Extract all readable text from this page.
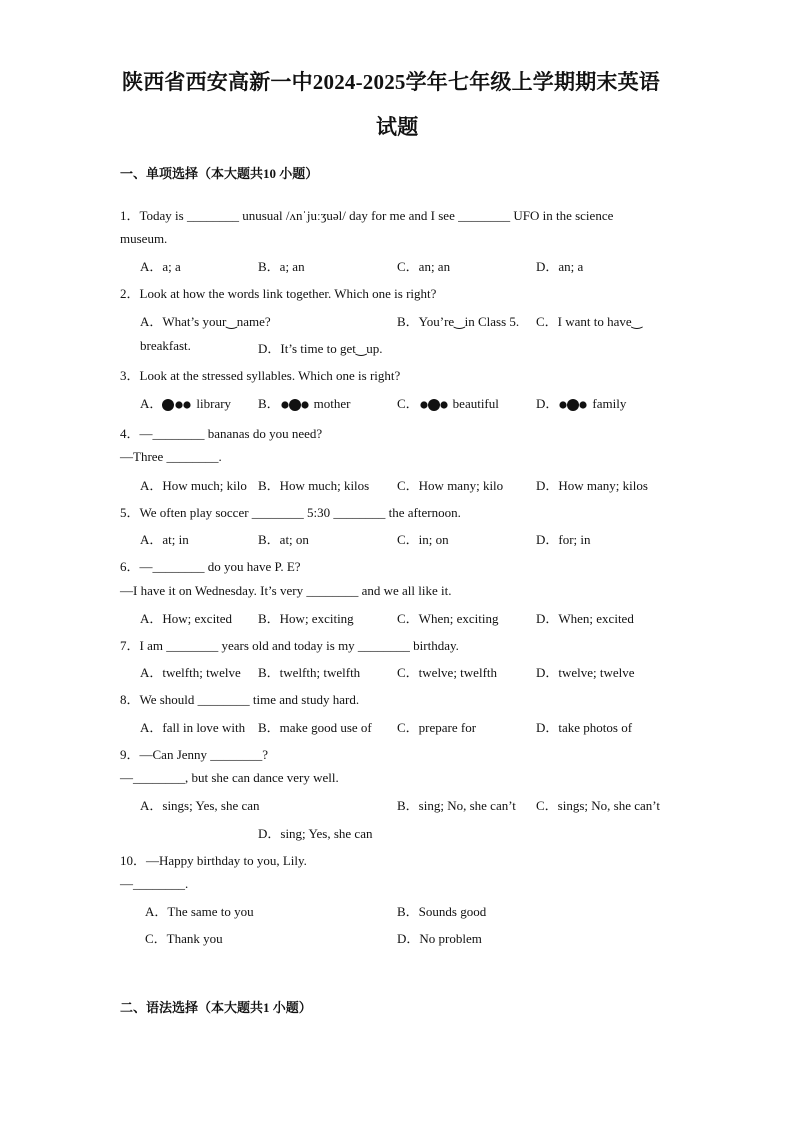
陕西省西安高新一中2024-2025学年七年级上学期期末英语
试题
一、单项选择（本大题共10 小题）
1．Today is ________ unusual /ʌnˈjuːʒuəl/ day for me and I see ________ UFO in the science
museum.
A．a; a	B．a; an	C．an; an	D．an; a
2．Look at how the words link together. Which one is right?
A．What’s your‿name?	B．You’re‿in Class 5. C．I want to have‿
breakfast.	D．It’s time to get‿up.
3．Look at the stressed syllables. Which one is right?
A．	library B．	mother	C．	beautiful	D．	family
4．—________ bananas do you need?
—Three ________.
A．How much; kilo B．How much; kilos C．How many; kilo	D．How many; kilos
5．We often play soccer ________ 5:30 ________ the afternoon.
A．at; in	B．at; on	C．in; on	D．for; in
6．—________ do you have P. E?
—I have it on Wednesday. It’s very ________ and we all like it.
A．How; excited B．How; exciting	C．When; exciting	D．When; excited
7．I am ________ years old and today is my ________ birthday.
A．twelfth; twelve B．twelfth; twelfth	C．twelve; twelfth	D．twelve; twelve
8．We should ________ time and study hard.
A．fall in love with B．make good use of C．prepare for	D．take photos of
9．—Can Jenny ________?
—________, but she can dance very well.
A．sings; Yes, she can	B．sing; No, she can’t C．sings; No, she can’t
D．sing; Yes, she can
10．—Happy birthday to you, Lily.
—________.
A．The same to you	B．Sounds good
C．Thank you	D．No problem
二、语法选择（本大题共1 小题）
